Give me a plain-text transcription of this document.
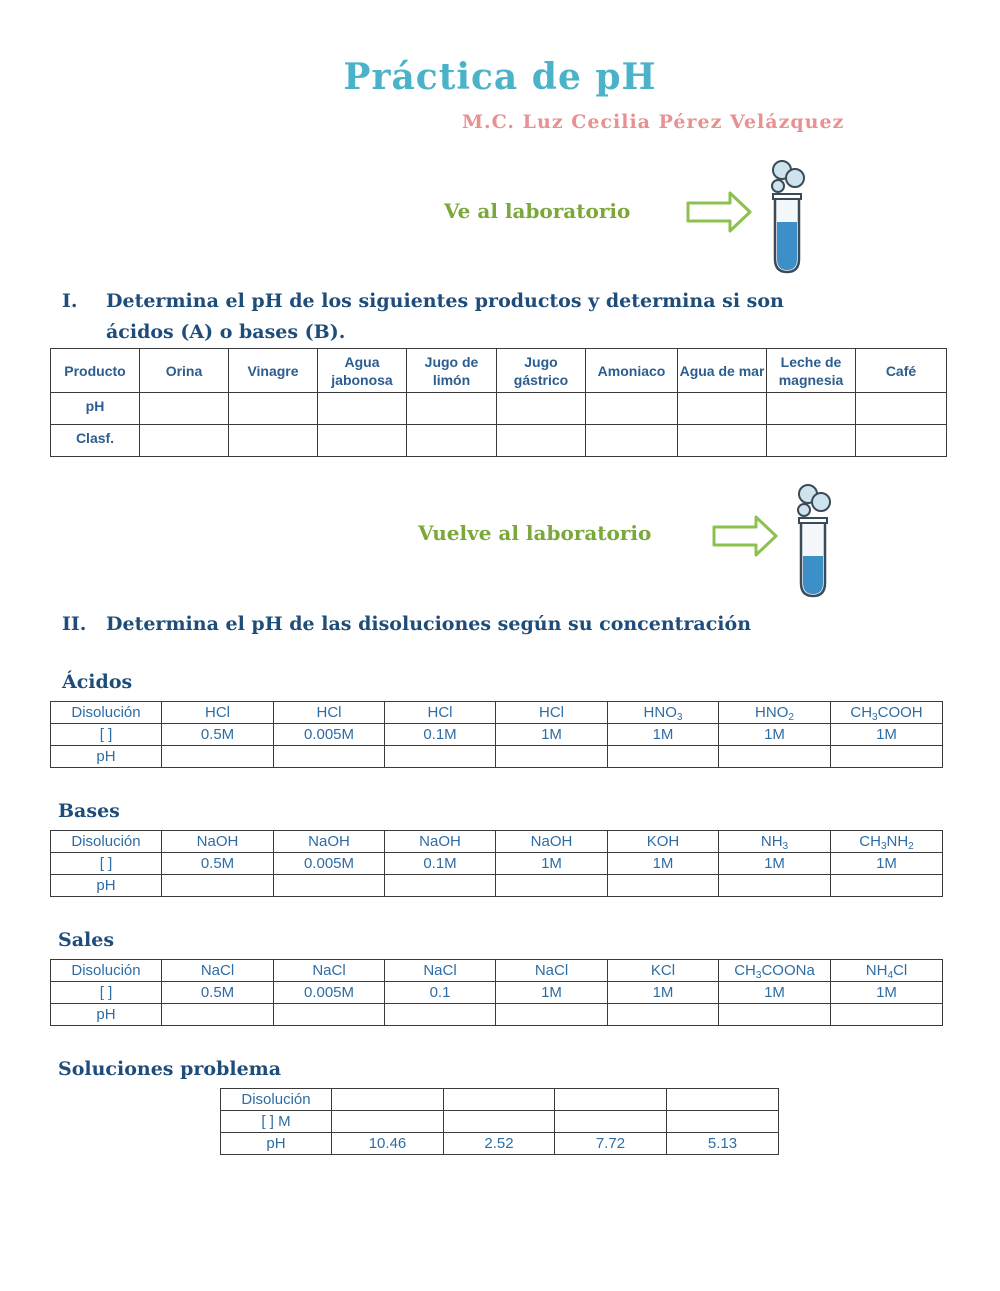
Práctica de pH
M.C. Luz Cecilia Pérez Velázquez
Ve al laboratorio
I. Determina el pH de los siguientes productos y determina si son
ácidos (A) o bases (B).
Producto	Orina	Vinagre	Agua jabonosa	Jugo de limón	Jugo gástrico	Amoniaco	Agua de mar	Leche de magnesia	Café
pH									
Clasf.									
Vuelve al laboratorio
II. Determina el pH de las disoluciones según su concentración
Ácidos
Disolución	HCl	HCl	HCl	HCl	$HNO_3$	$HNO_2$	$CH_3COOH$
[ ]	0.5M	0.005M	0.1M	1M	1M	1M	1M
pH							
Bases
Disolución	NaOH	NaOH	NaOH	NaOH	KOH	$NH_3$	$CH_3NH_2$
[ ]	0.5M	0.005M	0.1M	1M	1M	1M	1M
pH							
Sales
Disolución	NaCl	NaCl	NaCl	NaCl	KCl	$CH_3COONa$	$NH_4Cl$
[ ]	0.5M	0.005M	0.1	1M	1M	1M	1M
pH							
Soluciones problema
Disolución				
[ ] M				
pH	10.46	2.52	7.72	5.13
